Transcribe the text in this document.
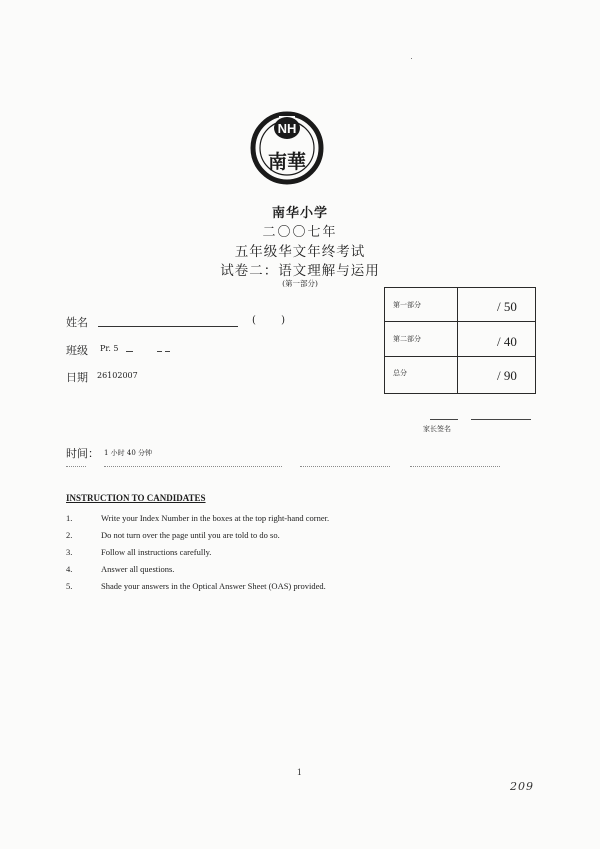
NH
南華
南华小学
二〇〇七年
五年级华文年终考试
试卷二：语文理解与运用
(第一部分)
姓名	( )
班级 Pr. 5
日期 26102007
第一部分	/ 50
第二部分	/ 40
总分	/ 90
家长签名
时间： 1 小时 40 分钟
INSTRUCTION TO CANDIDATES
1.	Write your Index Number in the boxes at the top right-hand corner.
2.	Do not turn over the page until you are told to do so.
3.	Follow all instructions carefully.
4.	Answer all questions.
5.	Shade your answers in the Optical Answer Sheet (OAS) provided.
1
209
